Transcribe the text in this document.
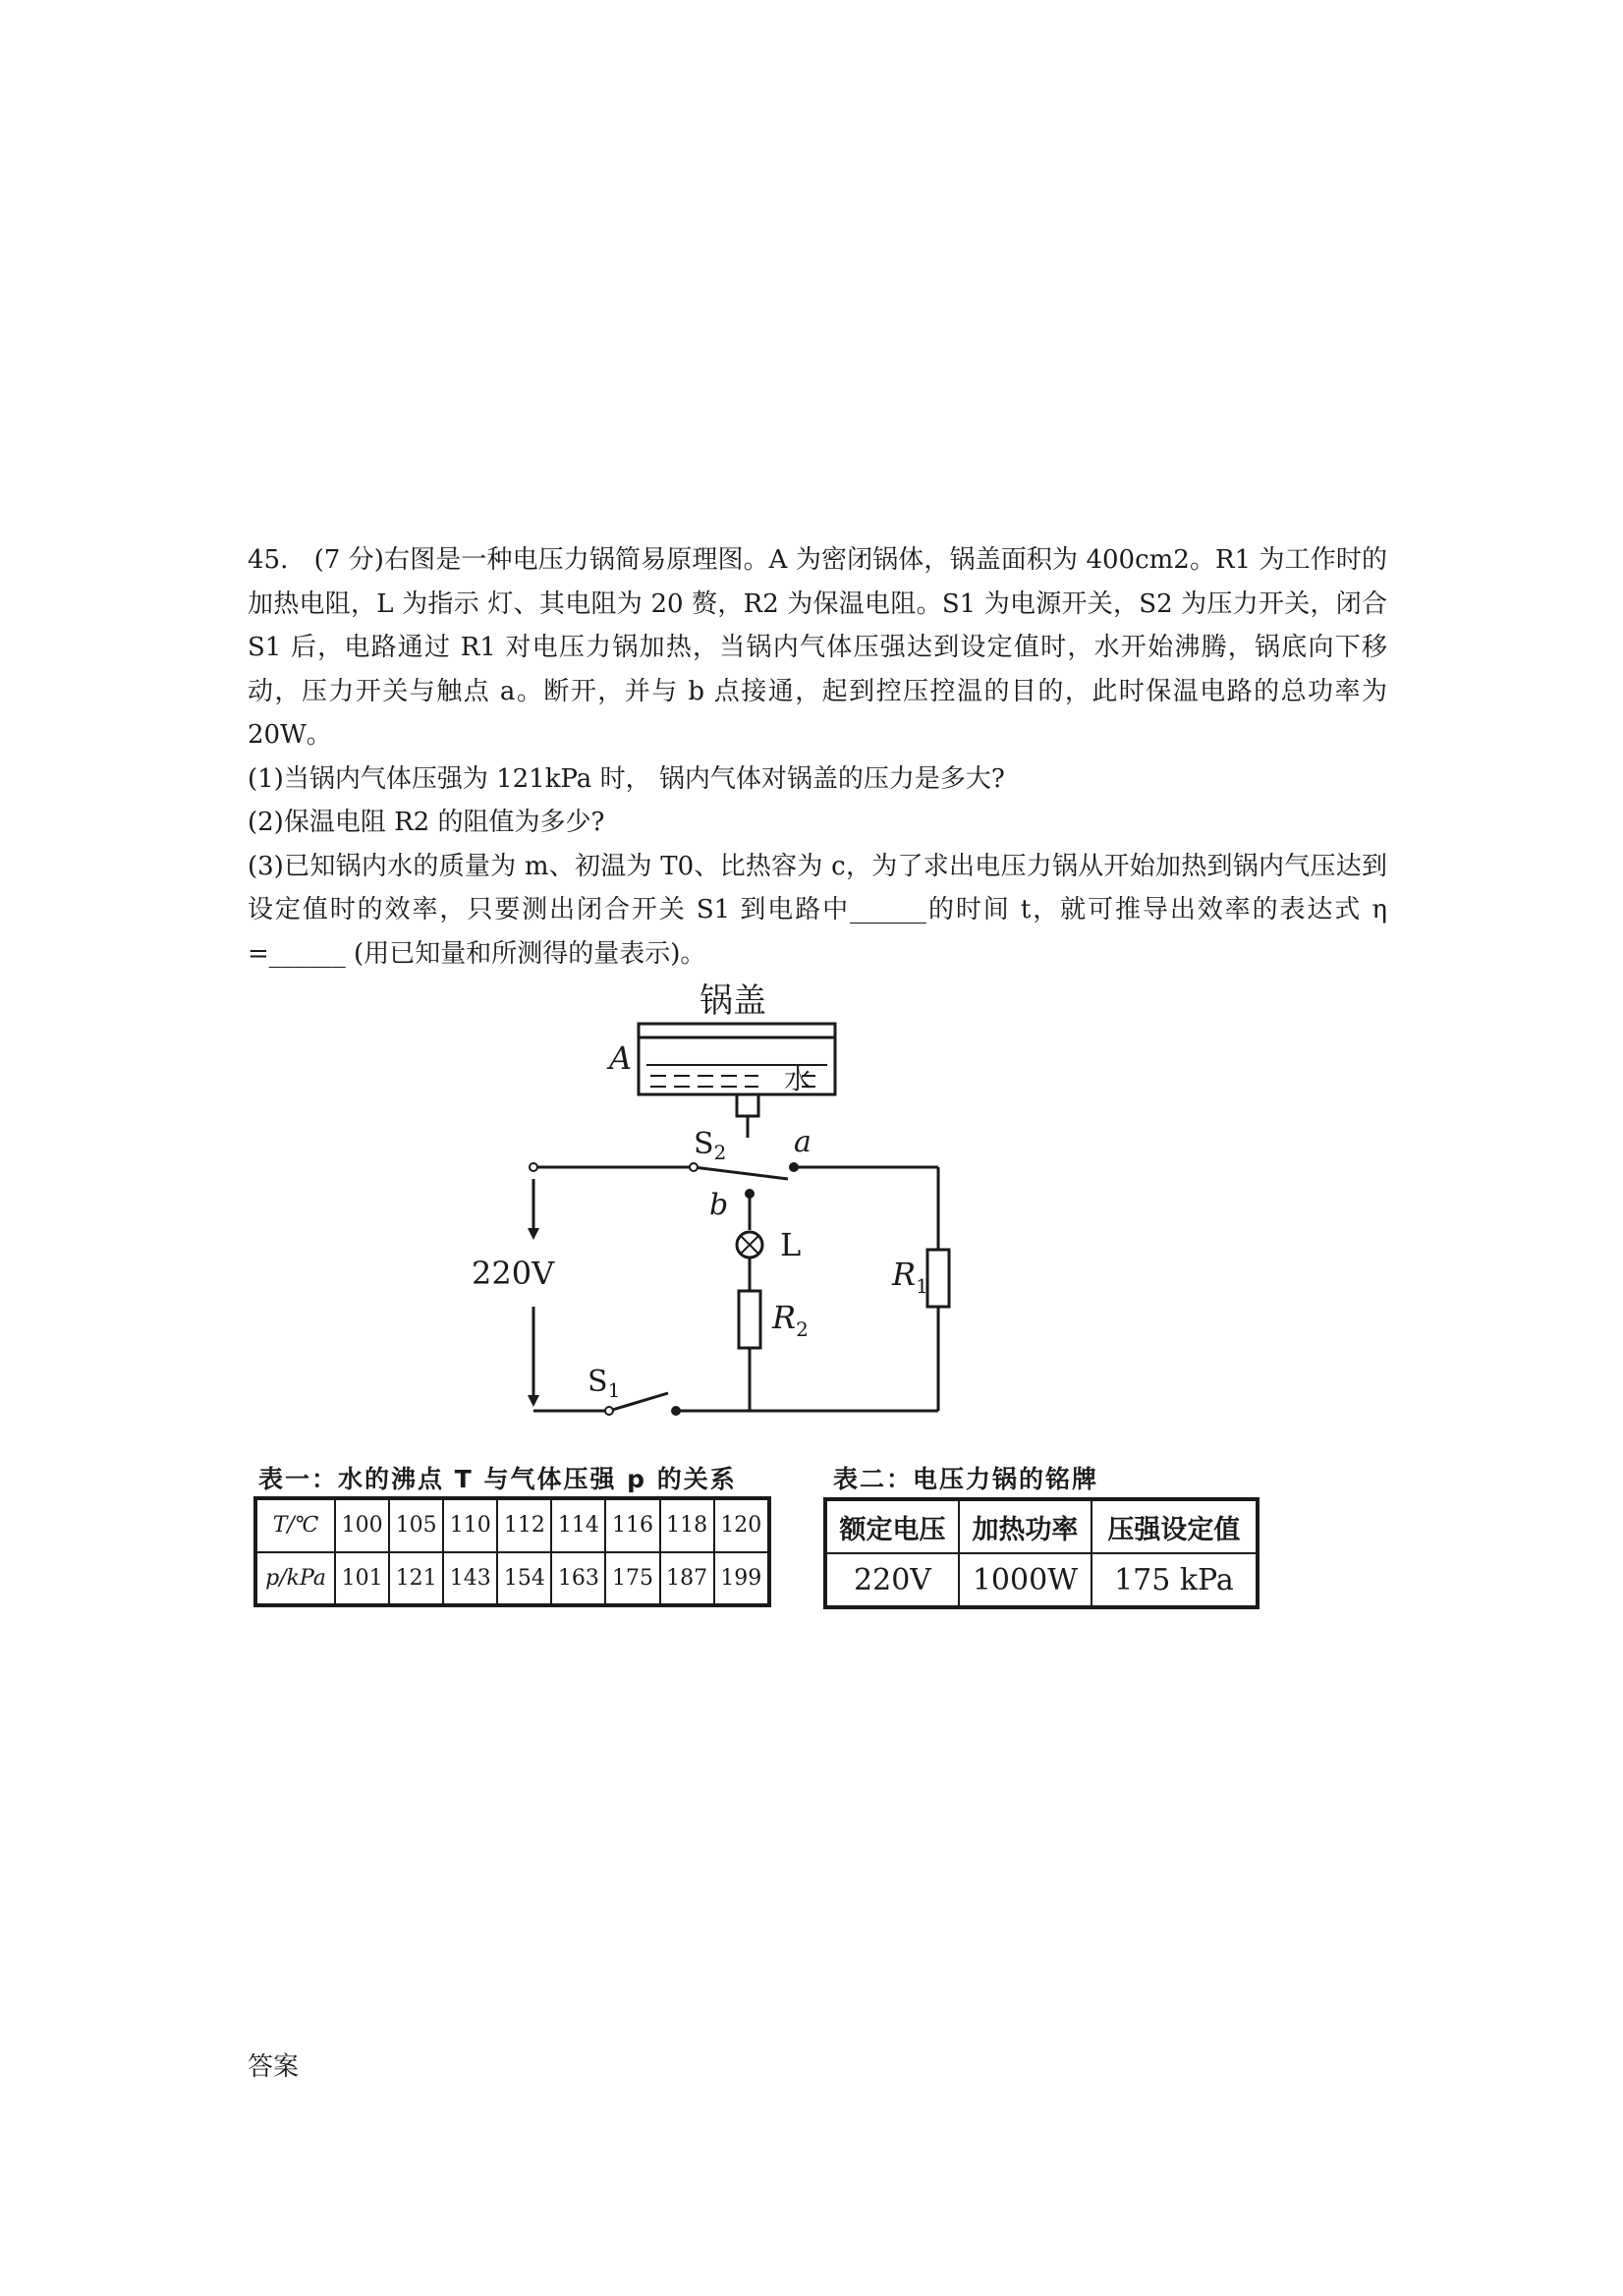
45.　(7 分)右图是一种电压力锅简易原理图。A 为密闭锅体，锅盖面积为 400cm2。R1 为工作时的加热电阻，L 为指示 灯、其电阻为 20 赘，R2 为保温电阻。S1 为电源开关，S2 为压力开关，闭合 S1 后，电路通过 R1 对电压力锅加热，当锅内气体压强达到设定值时，水开始沸腾，锅底向下移动，压力开关与触点 a。断开，并与 b 点接通，起到控压控温的目的，此时保温电路的总功率为 20W。

(1)当锅内气体压强为 121kPa 时， 锅内气体对锅盖的压力是多大?

(2)保温电阻 R2 的阻值为多少?

(3)已知锅内水的质量为 m、初温为 T0、比热容为 c，为了求出电压力锅从开始加热到锅内气压达到设定值时的效率，只要测出闭合开关 S1 到电路中______的时间 t，就可推导出效率的表达式 η =______ (用已知量和所测得的量表示)。

锅盖
A
水
$S_2$ a
b
220V
L
$R_1$
$R_2$
$S_1$
表一：水的沸点 T 与气体压强 p 的关系
T/℃	100	105	110	112	114	116	118	120
p/kPa	101	121	143	154	163	175	187	199
表二：电压力锅的铭牌
额定电压	加热功率	压强设定值
220V	1000W	175 kPa
答案
